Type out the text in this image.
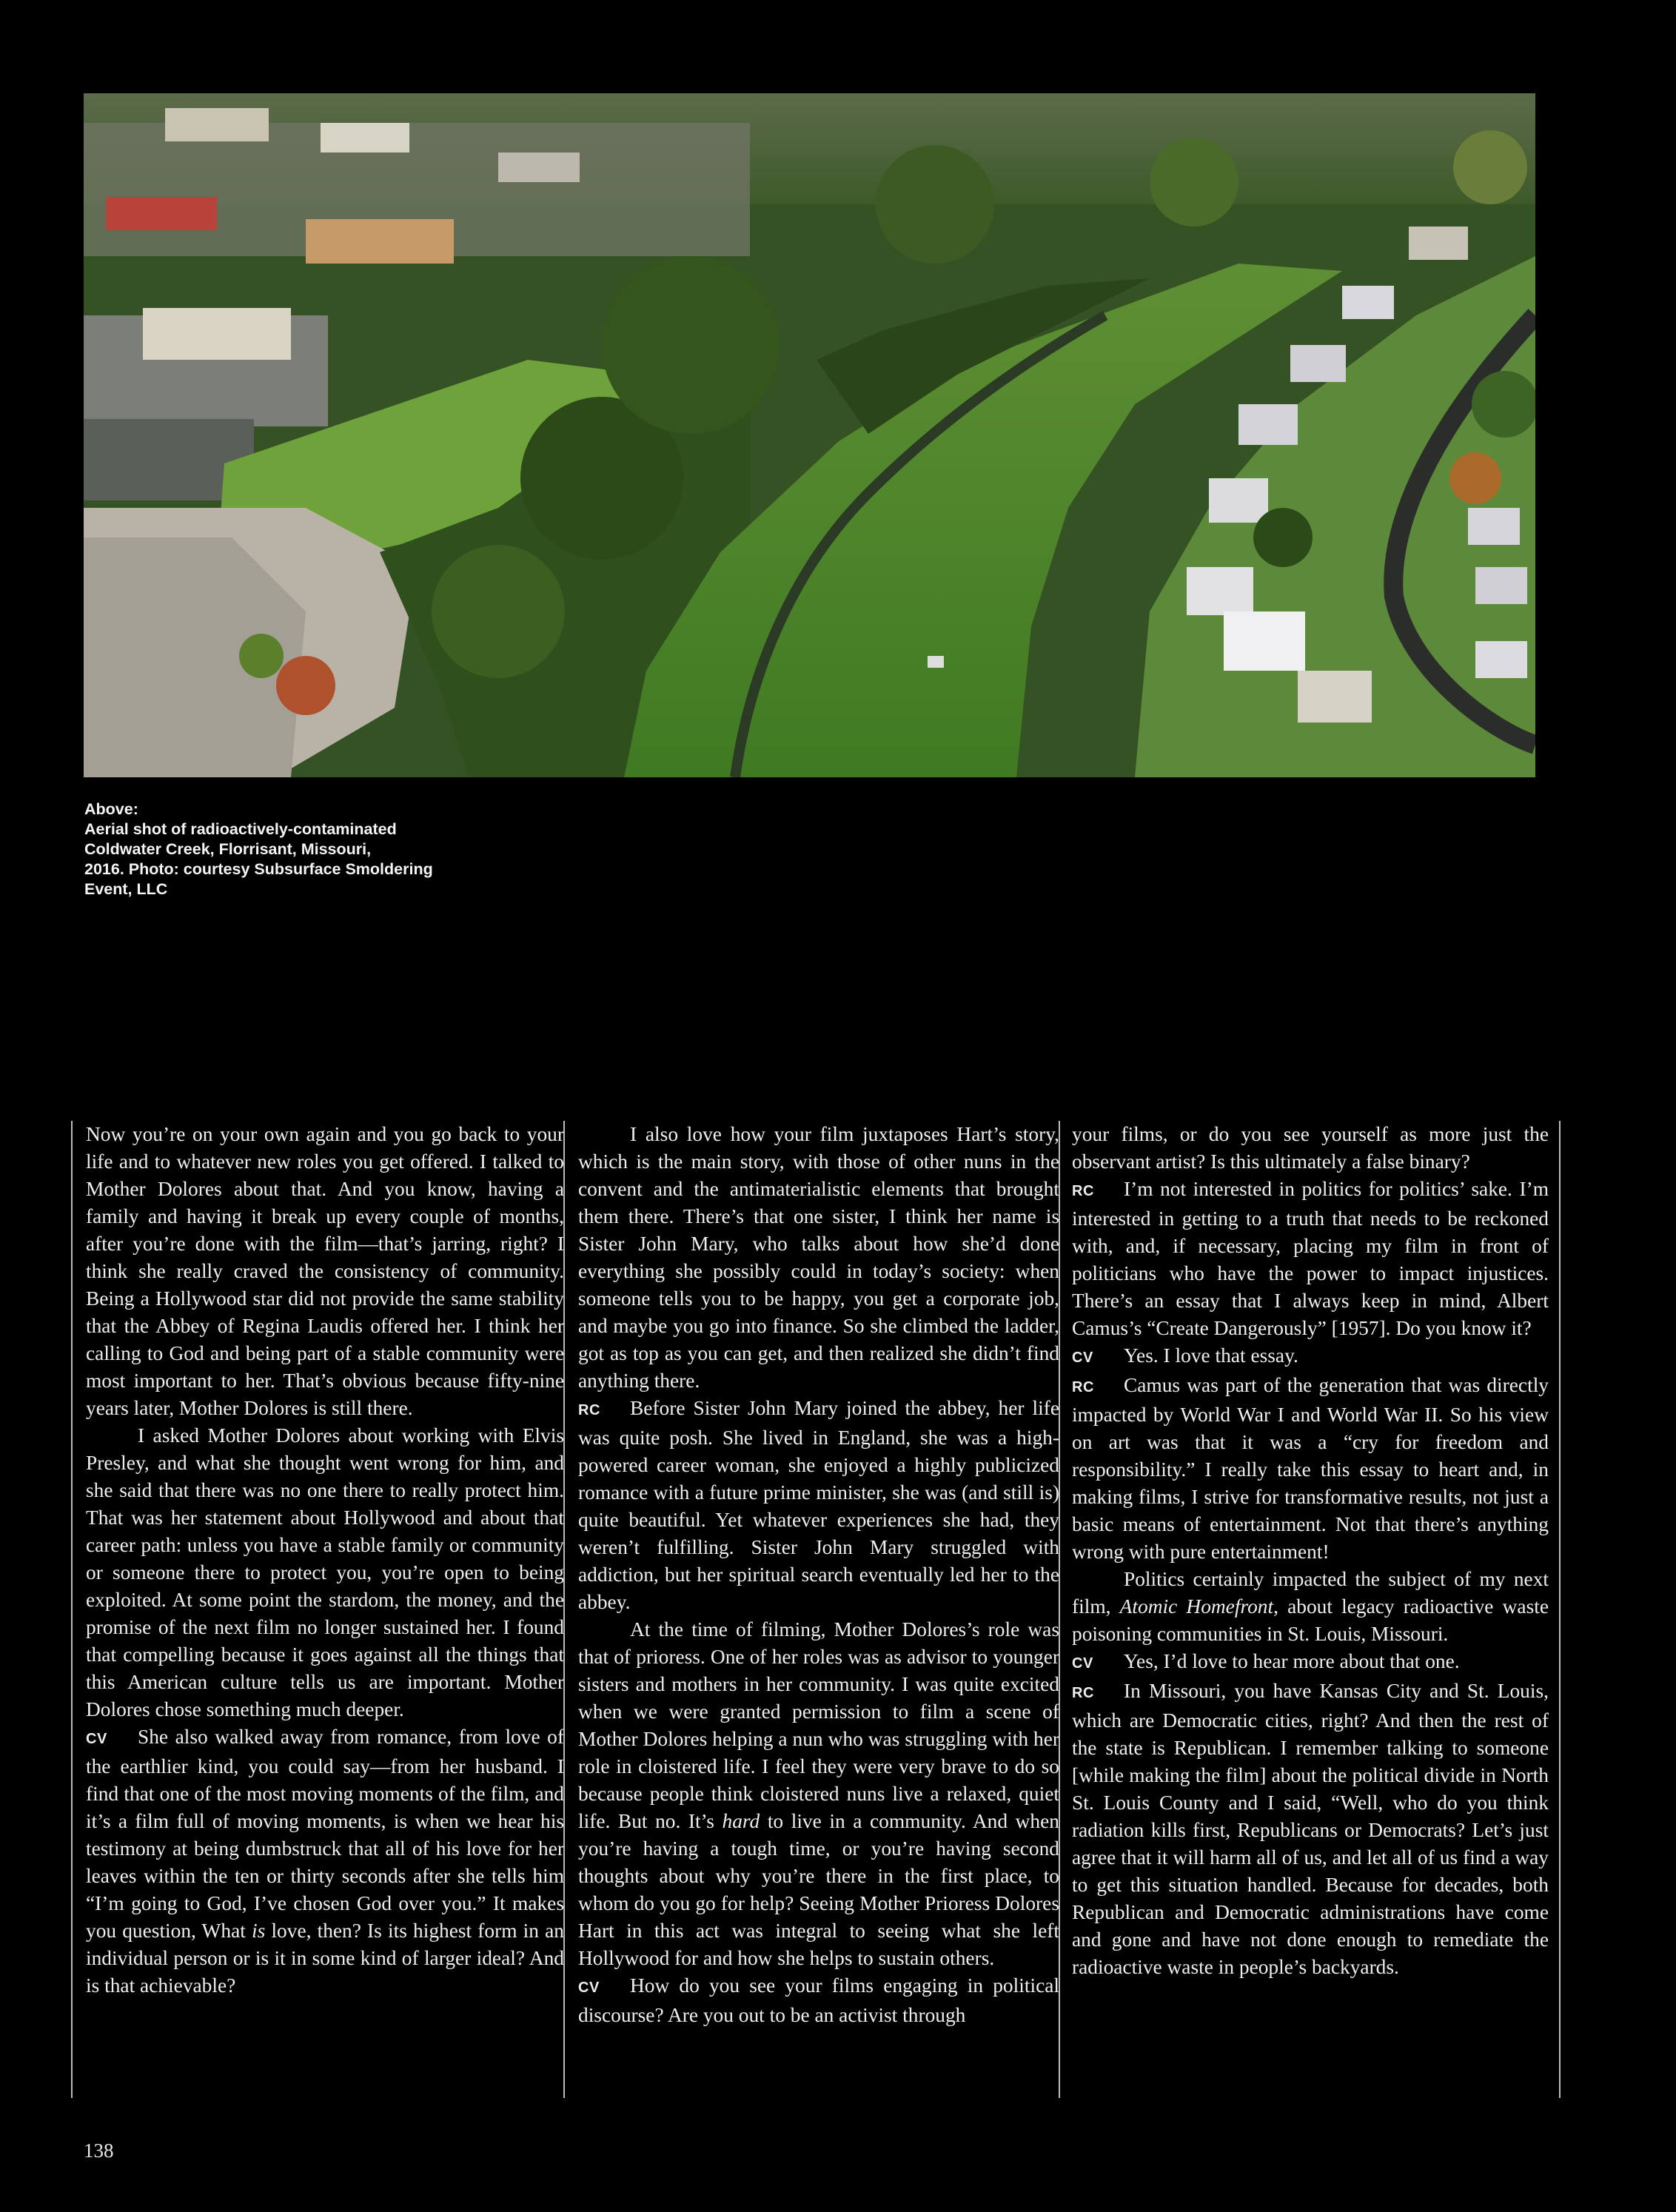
Above:
Aerial shot of radioactively-contaminated
Coldwater Creek, Florrisant, Missouri,
2016. Photo: courtesy Subsurface Smoldering
Event, LLC

Now you’re on your own again and you go back to your life and to whatever new roles you get offered. I talked to Mother Dolores about that. And you know, having a family and having it break up every couple of months, after you’re done with the film—that’s jarring, right? I think she really craved the consistency of community. Being a Hollywood star did not provide the same stability that the Abbey of Regina Laudis offered her. I think her calling to God and being part of a stable community were most important to her. That’s obvious because fifty-nine years later, Mother Dolores is still there.

I asked Mother Dolores about working with Elvis Presley, and what she thought went wrong for him, and she said that there was no one there to really protect him. That was her statement about Hollywood and about that career path: unless you have a stable family or community or someone there to protect you, you’re open to being exploited. At some point the stardom, the money, and the promise of the next film no longer sustained her. I found that compelling because it goes against all the things that this American culture tells us are important. Mother Dolores chose something much deeper.

CV She also walked away from romance, from love of the earthlier kind, you could say—from her husband. I find that one of the most moving moments of the film, and it’s a film full of moving moments, is when we hear his testimony at being dumbstruck that all of his love for her leaves within the ten or thirty seconds after she tells him “I’m going to God, I’ve chosen God over you.” It makes you question, What is love, then? Is its highest form in an individual person or is it in some kind of larger ideal? And is that achievable?

I also love how your film juxtaposes Hart’s story, which is the main story, with those of other nuns in the convent and the antimaterialistic elements that brought them there. There’s that one sister, I think her name is Sister John Mary, who talks about how she’d done everything she possibly could in today’s society: when someone tells you to be happy, you get a corporate job, and maybe you go into finance. So she climbed the ladder, got as top as you can get, and then realized she didn’t find anything there.

RC Before Sister John Mary joined the abbey, her life was quite posh. She lived in England, she was a high-powered career woman, she enjoyed a highly publicized romance with a future prime minister, she was (and still is) quite beautiful. Yet whatever experiences she had, they weren’t fulfilling. Sister John Mary struggled with addiction, but her spiritual search eventually led her to the abbey.

At the time of filming, Mother Dolores’s role was that of prioress. One of her roles was as advisor to younger sisters and mothers in her community. I was quite excited when we were granted permission to film a scene of Mother Dolores helping a nun who was struggling with her role in cloistered life. I feel they were very brave to do so because people think cloistered nuns live a relaxed, quiet life. But no. It’s hard to live in a community. And when you’re having a tough time, or you’re having second thoughts about why you’re there in the first place, to whom do you go for help? Seeing Mother Prioress Dolores Hart in this act was integral to seeing what she left Hollywood for and how she helps to sustain others.

CV How do you see your films engaging in political discourse? Are you out to be an activist through

your films, or do you see yourself as more just the observant artist? Is this ultimately a false binary?

RC I’m not interested in politics for politics’ sake. I’m interested in getting to a truth that needs to be reckoned with, and, if necessary, placing my film in front of politicians who have the power to impact injustices. There’s an essay that I always keep in mind, Albert Camus’s “Create Dangerously” [1957]. Do you know it?

CV Yes. I love that essay.

RC Camus was part of the generation that was directly impacted by World War I and World War II. So his view on art was that it was a “cry for freedom and responsibility.” I really take this essay to heart and, in making films, I strive for transformative results, not just a basic means of entertainment. Not that there’s anything wrong with pure entertainment!

Politics certainly impacted the subject of my next film, Atomic Homefront, about legacy radioactive waste poisoning communities in St. Louis, Missouri.

CV Yes, I’d love to hear more about that one.

RC In Missouri, you have Kansas City and St. Louis, which are Democratic cities, right? And then the rest of the state is Republican. I remember talking to someone [while making the film] about the political divide in North St. Louis County and I said, “Well, who do you think radiation kills first, Republicans or Democrats? Let’s just agree that it will harm all of us, and let all of us find a way to get this situation handled. Because for decades, both Republican and Democratic administrations have come and gone and have not done enough to remediate the radioactive waste in people’s backyards.

138
